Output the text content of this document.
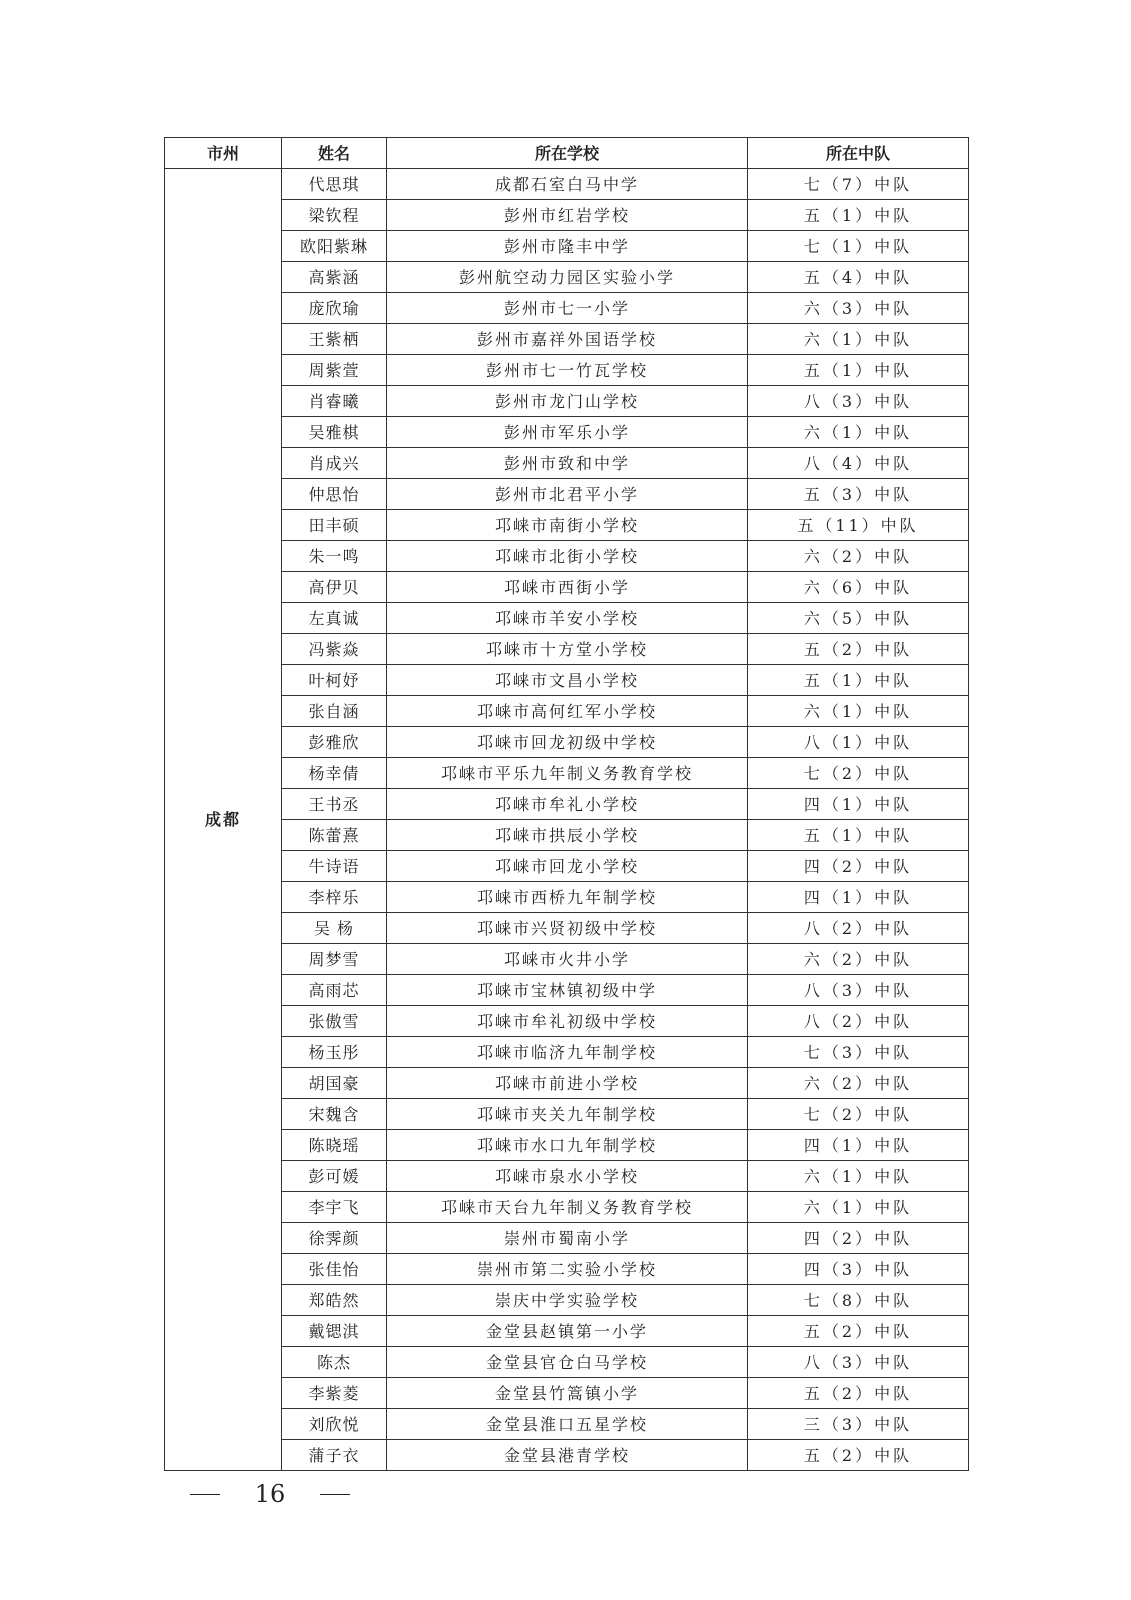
市州	姓名	所在学校	所在中队
成都	代思琪	成都石室白马中学	七（7）中队
	梁钦程	彭州市红岩学校	五（1）中队
	欧阳紫琳	彭州市隆丰中学	七（1）中队
	高紫涵	彭州航空动力园区实验小学	五（4）中队
	庞欣瑜	彭州市七一小学	六（3）中队
	王紫栖	彭州市嘉祥外国语学校	六（1）中队
	周紫萱	彭州市七一竹瓦学校	五（1）中队
	肖睿曦	彭州市龙门山学校	八（3）中队
	吴雅棋	彭州市军乐小学	六（1）中队
	肖成兴	彭州市致和中学	八（4）中队
	仲思怡	彭州市北君平小学	五（3）中队
	田丰硕	邛崃市南街小学校	五（11）中队
	朱一鸣	邛崃市北街小学校	六（2）中队
	高伊贝	邛崃市西街小学	六（6）中队
	左真诚	邛崃市羊安小学校	六（5）中队
	冯紫焱	邛崃市十方堂小学校	五（2）中队
	叶柯妤	邛崃市文昌小学校	五（1）中队
	张自涵	邛崃市高何红军小学校	六（1）中队
	彭雅欣	邛崃市回龙初级中学校	八（1）中队
	杨幸倩	邛崃市平乐九年制义务教育学校	七（2）中队
	王书丞	邛崃市牟礼小学校	四（1）中队
	陈蕾熹	邛崃市拱辰小学校	五（1）中队
	牛诗语	邛崃市回龙小学校	四（2）中队
	李梓乐	邛崃市西桥九年制学校	四（1）中队
	吴 杨	邛崃市兴贤初级中学校	八（2）中队
	周梦雪	邛崃市火井小学	六（2）中队
	高雨芯	邛崃市宝林镇初级中学	八（3）中队
	张傲雪	邛崃市牟礼初级中学校	八（2）中队
	杨玉彤	邛崃市临济九年制学校	七（3）中队
	胡国豪	邛崃市前进小学校	六（2）中队
	宋魏含	邛崃市夹关九年制学校	七（2）中队
	陈晓瑶	邛崃市水口九年制学校	四（1）中队
	彭可媛	邛崃市泉水小学校	六（1）中队
	李宇飞	邛崃市天台九年制义务教育学校	六（1）中队
	徐霁颜	崇州市蜀南小学	四（2）中队
	张佳怡	崇州市第二实验小学校	四（3）中队
	郑皓然	崇庆中学实验学校	七（8）中队
	戴锶淇	金堂县赵镇第一小学	五（2）中队
	陈杰	金堂县官仓白马学校	八（3）中队
	李紫菱	金堂县竹篙镇小学	五（2）中队
	刘欣悦	金堂县淮口五星学校	三（3）中队
	蒲子衣	金堂县港青学校	五（2）中队
16
